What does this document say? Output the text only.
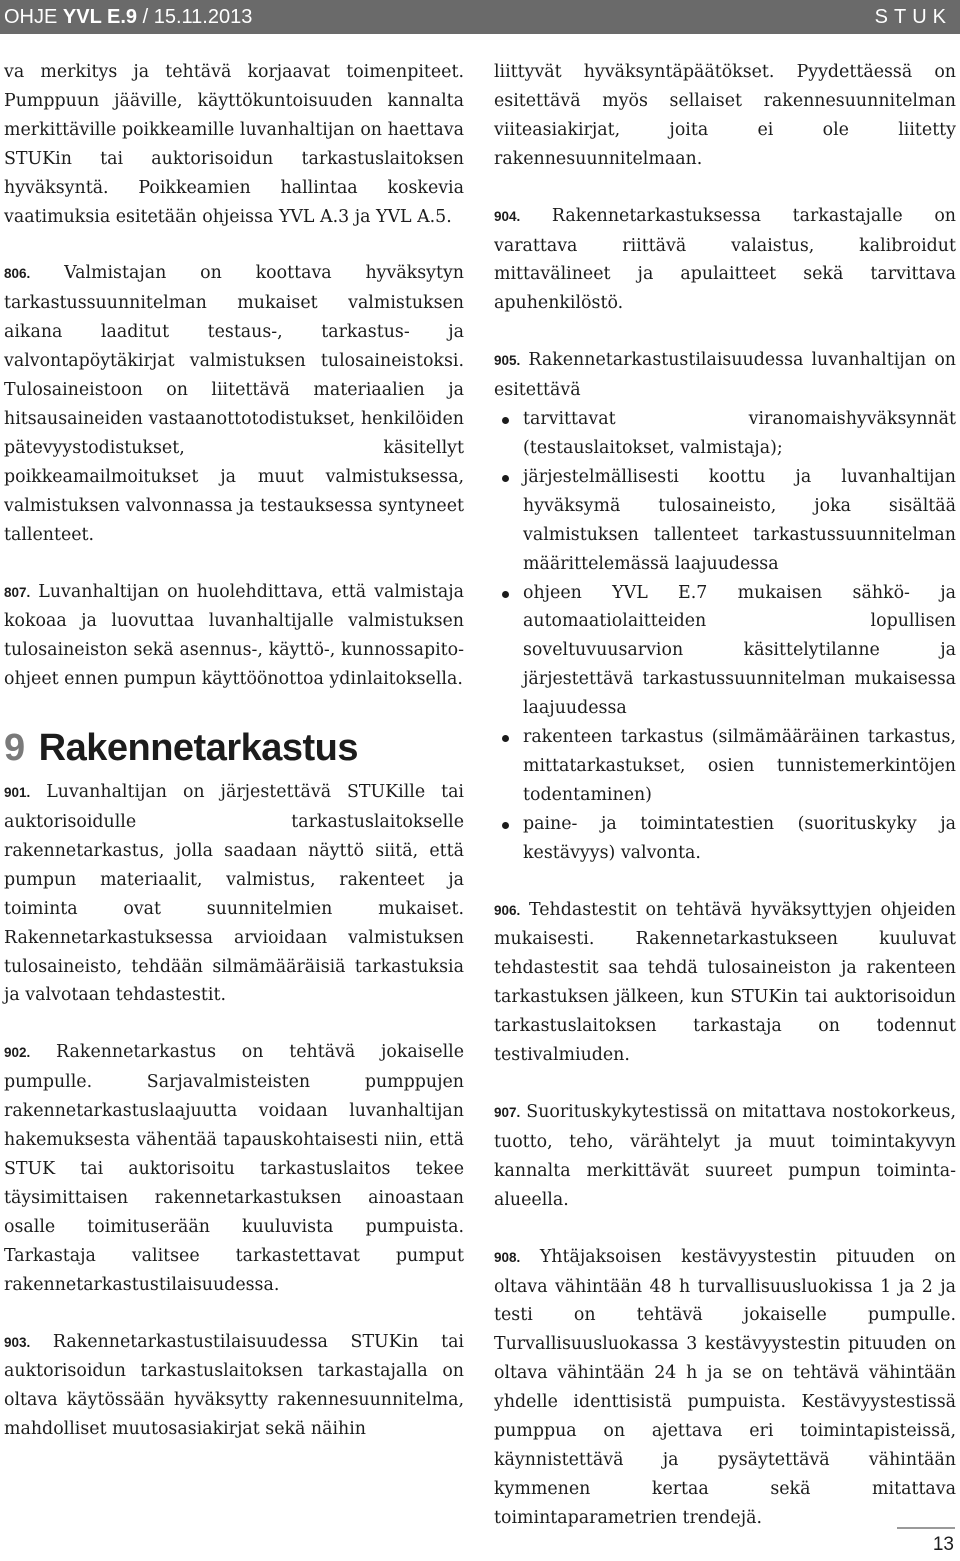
OHJE YVL E.9 / 15.11.2013	STUK

va merkitys ja tehtävä korjaavat toimenpiteet. Pumppuun jääville, käyttökuntoisuuden kannalta merkittäville poikkeamille luvanhaltijan on haettava STUKin tai auktorisoidun tarkastuslaitoksen hyväksyntä. Poikkeamien hallintaa koskevia vaatimuksia esitetään ohjeissa YVL A.3 ja YVL A.5.

806. Valmistajan on koottava hyväksytyn tarkastussuunnitelman mukaiset valmistuksen aikana laaditut testaus-, tarkastus- ja valvontapöytäkirjat valmistuksen tulosaineistoksi. Tulosaineistoon on liitettävä materiaalien ja hitsausaineiden vastaanottotodistukset, henkilöiden pätevyystodistukset, käsitellyt poikkeamailmoitukset ja muut valmistuksessa, valmistuksen valvonnassa ja testauksessa syntyneet tallenteet.

807. Luvanhaltijan on huolehdittava, että valmistaja kokoaa ja luovuttaa luvanhaltijalle valmistuksen tulosaineiston sekä asennus-, käyttö-, kunnossapito-ohjeet ennen pumpun käyttöönottoa ydinlaitoksella.

9 Rakennetarkastus

901. Luvanhaltijan on järjestettävä STUKille tai auktorisoidulle tarkastuslaitokselle rakennetarkastus, jolla saadaan näyttö siitä, että pumpun materiaalit, valmistus, rakenteet ja toiminta ovat suunnitelmien mukaiset. Rakennetarkastuksessa arvioidaan valmistuksen tulosaineisto, tehdään silmämääräisiä tarkastuksia ja valvotaan tehdastestit.

902. Rakennetarkastus on tehtävä jokaiselle pumpulle. Sarjavalmisteisten pumppujen rakennetarkastuslaajuutta voidaan luvanhaltijan hakemuksesta vähentää tapauskohtaisesti niin, että STUK tai auktorisoitu tarkastuslaitos tekee täysimittaisen rakennetarkastuksen ainoastaan osalle toimituserään kuuluvista pumpuista. Tarkastaja valitsee tarkastettavat pumput rakennetarkastustilaisuudessa.

903. Rakennetarkastustilaisuudessa STUKin tai auktorisoidun tarkastuslaitoksen tarkastajalla on oltava käytössään hyväksytty rakennesuunnitelma, mahdolliset muutosasiakirjat sekä näihin

liittyvät hyväksyntäpäätökset. Pyydettäessä on esitettävä myös sellaiset rakennesuunnitelman viiteasiakirjat, joita ei ole liitetty rakennesuunnitelmaan.

904. Rakennetarkastuksessa tarkastajalle on varattava riittävä valaistus, kalibroidut mittavälineet ja apulaitteet sekä tarvittava apuhenkilöstö.

905. Rakennetarkastustilaisuudessa luvanhaltijan on esitettävä

tarvittavat viranomaishyväksynnät (testauslaitokset, valmistaja);
järjestelmällisesti koottu ja luvanhaltijan hyväksymä tulosaineisto, joka sisältää valmistuksen tallenteet tarkastussuunnitelman määrittelemässä laajuudessa
ohjeen YVL E.7 mukaisen sähkö- ja automaatiolaitteiden lopullisen soveltuvuusarvion käsittelytilanne ja järjestettävä tarkastussuunnitelman mukaisessa laajuudessa
rakenteen tarkastus (silmämääräinen tarkastus, mittatarkastukset, osien tunnistemerkintöjen todentaminen)
paine- ja toimintatestien (suorituskyky ja kestävyys) valvonta.

906. Tehdastestit on tehtävä hyväksyttyjen ohjeiden mukaisesti. Rakennetarkastukseen kuuluvat tehdastestit saa tehdä tulosaineiston ja rakenteen tarkastuksen jälkeen, kun STUKin tai auktorisoidun tarkastuslaitoksen tarkastaja on todennut testivalmiuden.

907. Suorituskykytestissä on mitattava nostokorkeus, tuotto, teho, värähtelyt ja muut toimintakyvyn kannalta merkittävät suureet pumpun toiminta-alueella.

908. Yhtäjaksoisen kestävyystestin pituuden on oltava vähintään 48 h turvallisuusluokissa 1 ja 2 ja testi on tehtävä jokaiselle pumpulle. Turvallisuusluokassa 3 kestävyystestin pituuden on oltava vähintään 24 h ja se on tehtävä vähintään yhdelle identtisistä pumpuista. Kestävyystestissä pumppua on ajettava eri toimintapisteissä, käynnistettävä ja pysäytettävä vähintään kymmenen kertaa sekä mitattava toimintaparametrien trendejä.

13
